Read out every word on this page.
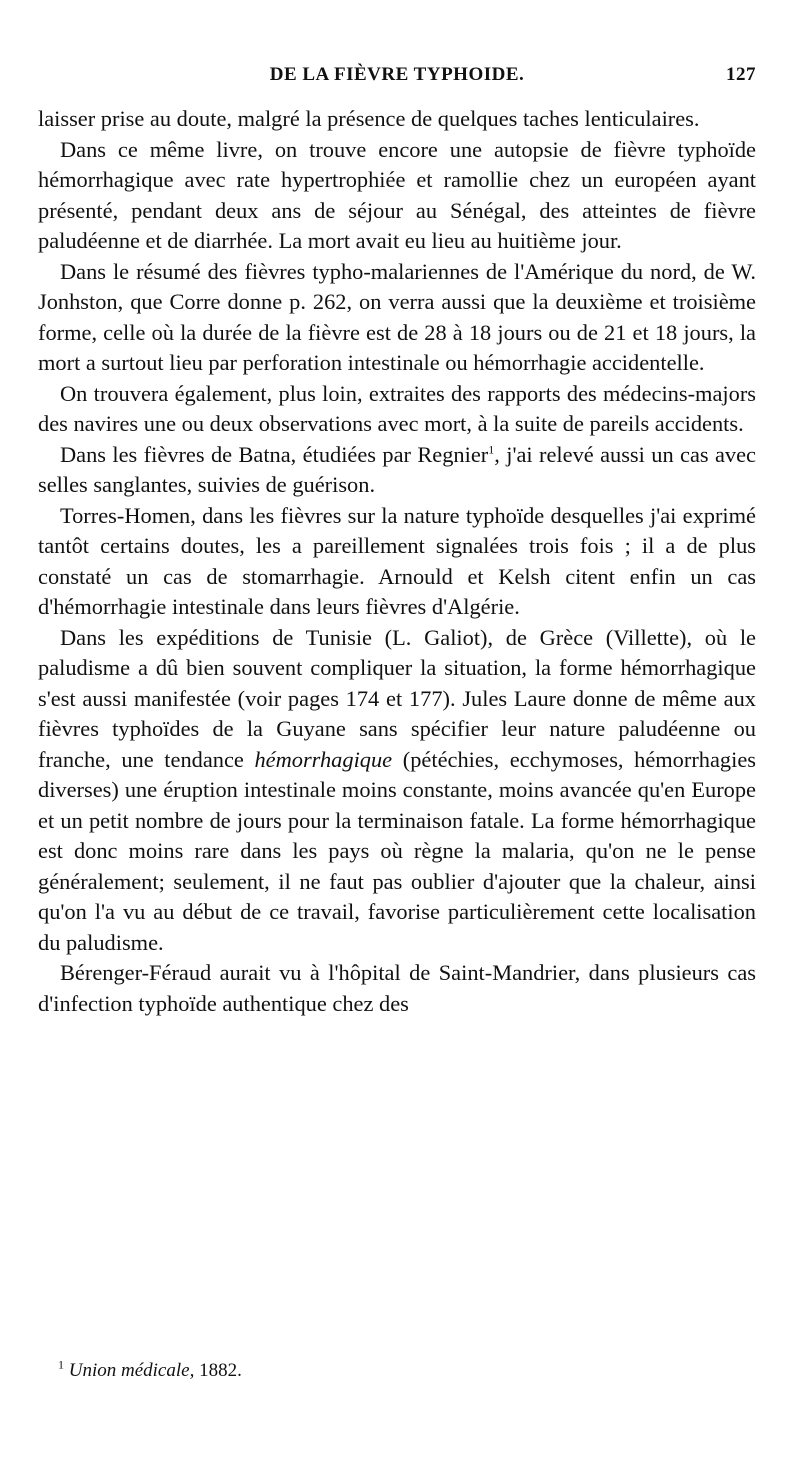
DE LA FIÈVRE TYPHOIDE.	127

laisser prise au doute, malgré la présence de quelques taches lenticulaires.

Dans ce même livre, on trouve encore une autopsie de fièvre typhoïde hémorrhagique avec rate hypertrophiée et ramollie chez un européen ayant présenté, pendant deux ans de séjour au Sénégal, des atteintes de fièvre paludéenne et de diarrhée. La mort avait eu lieu au huitième jour.

Dans le résumé des fièvres typho-malariennes de l'Amérique du nord, de W. Jonhston, que Corre donne p. 262, on verra aussi que la deuxième et troisième forme, celle où la durée de la fièvre est de 28 à 18 jours ou de 21 et 18 jours, la mort a surtout lieu par perforation intestinale ou hémorrhagie accidentelle.

On trouvera également, plus loin, extraites des rapports des médecins-majors des navires une ou deux observations avec mort, à la suite de pareils accidents.

Dans les fièvres de Batna, étudiées par Regnier$^1$, j'ai relevé aussi un cas avec selles sanglantes, suivies de guérison.

Torres-Homen, dans les fièvres sur la nature typhoïde desquelles j'ai exprimé tantôt certains doutes, les a pareillement signalées trois fois ; il a de plus constaté un cas de stomarrhagie. Arnould et Kelsh citent enfin un cas d'hémorrhagie intestinale dans leurs fièvres d'Algérie.

Dans les expéditions de Tunisie (L. Galiot), de Grèce (Villette), où le paludisme a dû bien souvent compliquer la situation, la forme hémorrhagique s'est aussi manifestée (voir pages 174 et 177). Jules Laure donne de même aux fièvres typhoïdes de la Guyane sans spécifier leur nature paludéenne ou franche, une tendance hémorrhagique (pétéchies, ecchymoses, hémorrhagies diverses) une éruption intestinale moins constante, moins avancée qu'en Europe et un petit nombre de jours pour la terminaison fatale. La forme hémorrhagique est donc moins rare dans les pays où règne la malaria, qu'on ne le pense généralement; seulement, il ne faut pas oublier d'ajouter que la chaleur, ainsi qu'on l'a vu au début de ce travail, favorise particulièrement cette localisation du paludisme.

Bérenger-Féraud aurait vu à l'hôpital de Saint-Mandrier, dans plusieurs cas d'infection typhoïde authentique chez des

$^1$ Union médicale, 1882.
